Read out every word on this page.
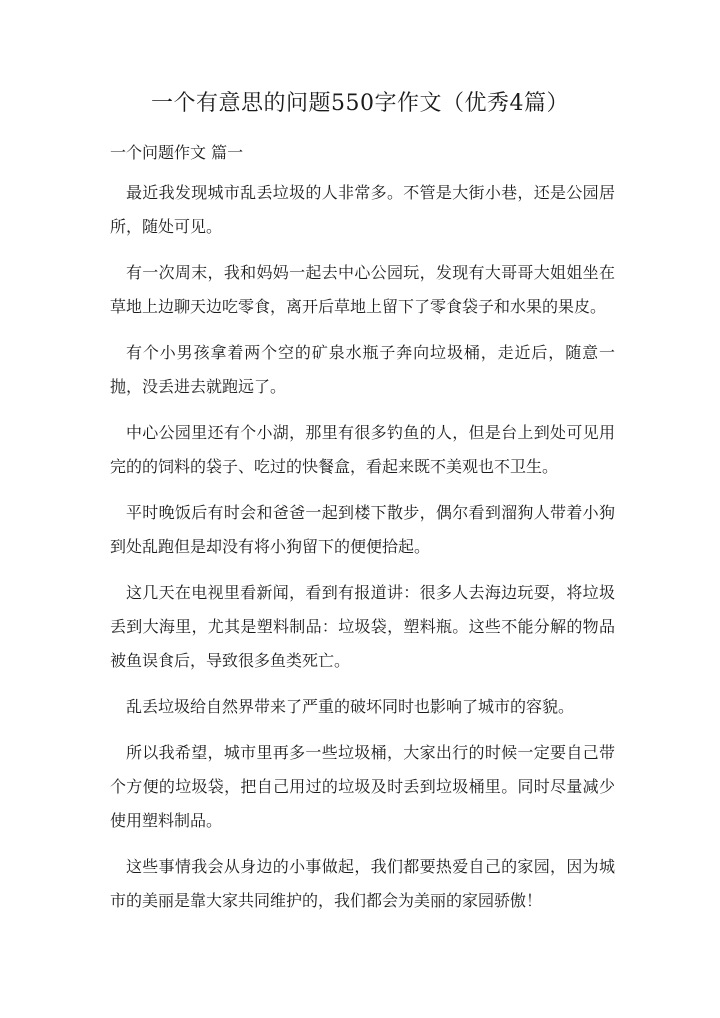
一个有意思的问题550字作文（优秀4篇）
一个问题作文 篇一

最近我发现城市乱丢垃圾的人非常多。不管是大街小巷，还是公园居所，随处可见。

有一次周末，我和妈妈一起去中心公园玩，发现有大哥哥大姐姐坐在草地上边聊天边吃零食，离开后草地上留下了零食袋子和水果的果皮。

有个小男孩拿着两个空的矿泉水瓶子奔向垃圾桶，走近后，随意一抛，没丢进去就跑远了。

中心公园里还有个小湖，那里有很多钓鱼的人，但是台上到处可见用完的的饲料的袋子、吃过的快餐盒，看起来既不美观也不卫生。

平时晚饭后有时会和爸爸一起到楼下散步，偶尔看到溜狗人带着小狗到处乱跑但是却没有将小狗留下的便便拾起。

这几天在电视里看新闻，看到有报道讲：很多人去海边玩耍，将垃圾丢到大海里，尤其是塑料制品：垃圾袋，塑料瓶。这些不能分解的物品被鱼误食后，导致很多鱼类死亡。

乱丢垃圾给自然界带来了严重的破坏同时也影响了城市的容貌。

所以我希望，城市里再多一些垃圾桶，大家出行的时候一定要自己带个方便的垃圾袋，把自己用过的垃圾及时丢到垃圾桶里。同时尽量减少使用塑料制品。

这些事情我会从身边的小事做起，我们都要热爱自己的家园，因为城市的美丽是靠大家共同维护的，我们都会为美丽的家园骄傲！
